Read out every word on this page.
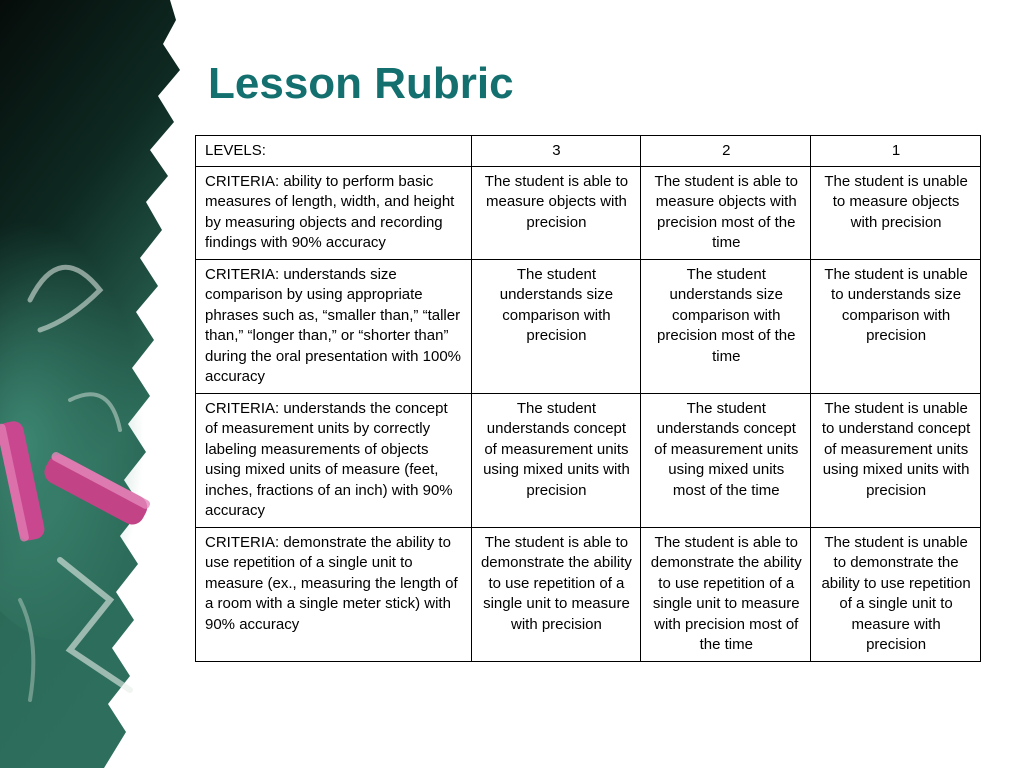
Lesson Rubric
LEVELS:	3	2	1
CRITERIA: ability to perform basic measures of length, width, and height by measuring objects and recording findings with 90% accuracy	The student is able to measure objects with precision	The student is able to measure objects with precision most of the time	The student is unable to measure objects with precision
CRITERIA: understands size comparison by using appropriate phrases such as, “smaller than,” “taller than,” “longer than,” or “shorter than” during the oral presentation with 100% accuracy	The student understands size comparison with precision	The student understands size comparison with precision most of the time	The student is unable to understands size comparison with precision
CRITERIA: understands the concept of measurement units by correctly labeling measurements of objects using mixed units of measure (feet, inches, fractions of an inch) with 90% accuracy	The student understands concept of measurement units using mixed units with precision	The student understands concept of measurement units using mixed units most of the time	The student is unable to understand concept of measurement units using mixed units with precision
CRITERIA: demonstrate the ability to use repetition of a single unit to measure (ex., measuring the length of a room with a single meter stick) with 90% accuracy	The student is able to demonstrate the ability to use repetition of a single unit to measure with precision	The student is able to demonstrate the ability to use repetition of a single unit to measure with precision most of the time	The student is unable to demonstrate the ability to use repetition of a single unit to measure with precision
